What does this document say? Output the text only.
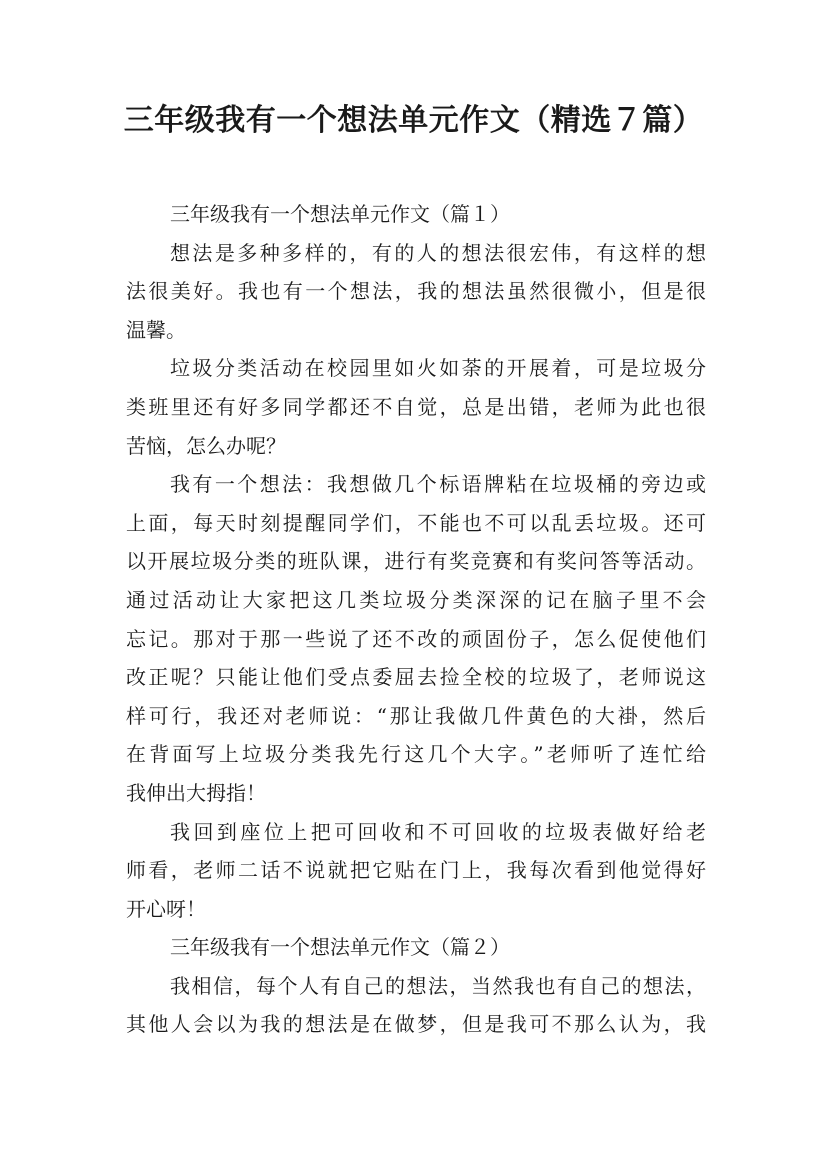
三年级我有一个想法单元作文（精选７篇）
三年级我有一个想法单元作文（篇１）
想法是多种多样的，有的人的想法很宏伟，有这样的想
法很美好。我也有一个想法，我的想法虽然很微小，但是很
温馨。
垃圾分类活动在校园里如火如荼的开展着，可是垃圾分
类班里还有好多同学都还不自觉，总是出错，老师为此也很
苦恼，怎么办呢？
我有一个想法：我想做几个标语牌粘在垃圾桶的旁边或
上面，每天时刻提醒同学们，不能也不可以乱丢垃圾。还可
以开展垃圾分类的班队课，进行有奖竞赛和有奖问答等活动。
通过活动让大家把这几类垃圾分类深深的记在脑子里不会
忘记。那对于那一些说了还不改的顽固份子，怎么促使他们
改正呢？只能让他们受点委屈去捡全校的垃圾了，老师说这
样可行，我还对老师说：“那让我做几件黄色的大褂，然后
在背面写上垃圾分类我先行这几个大字。”老师听了连忙给
我伸出大拇指！
我回到座位上把可回收和不可回收的垃圾表做好给老
师看，老师二话不说就把它贴在门上，我每次看到他觉得好
开心呀！
三年级我有一个想法单元作文（篇２）
我相信，每个人有自己的想法，当然我也有自己的想法，
其他人会以为我的想法是在做梦，但是我可不那么认为，我
